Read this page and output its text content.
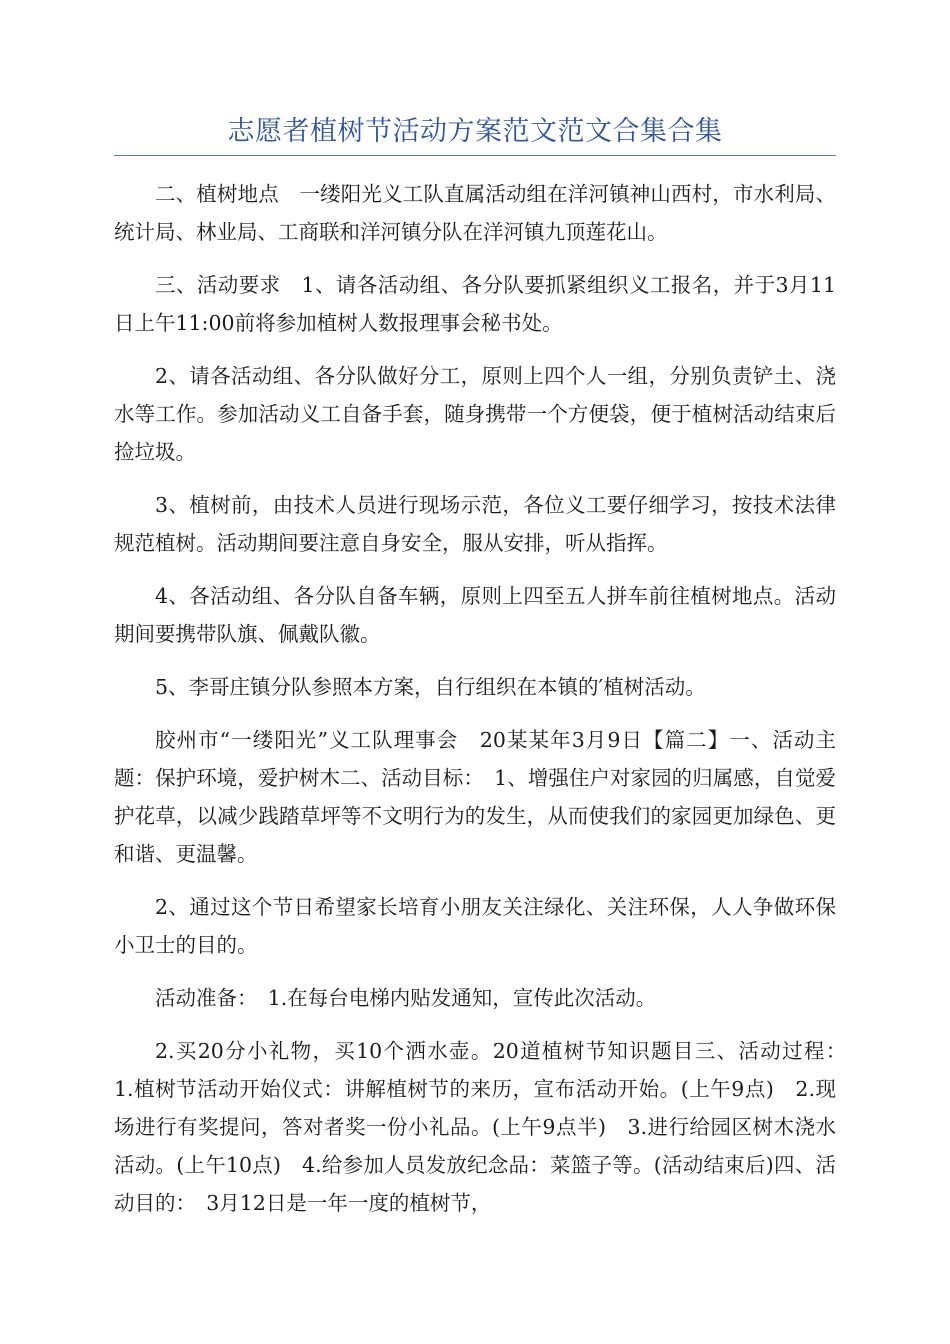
志愿者植树节活动方案范文范文合集合集

二、植树地点　一缕阳光义工队直属活动组在洋河镇神山西村，市水利局、统计局、林业局、工商联和洋河镇分队在洋河镇九顶莲花山。

三、活动要求　1、请各活动组、各分队要抓紧组织义工报名，并于3月11日上午11:00前将参加植树人数报理事会秘书处。

2、请各活动组、各分队做好分工，原则上四个人一组，分别负责铲土、浇水等工作。参加活动义工自备手套，随身携带一个方便袋，便于植树活动结束后捡垃圾。

3、植树前，由技术人员进行现场示范，各位义工要仔细学习，按技术法律规范植树。活动期间要注意自身安全，服从安排，听从指挥。

4、各活动组、各分队自备车辆，原则上四至五人拼车前往植树地点。活动期间要携带队旗、佩戴队徽。

5、李哥庄镇分队参照本方案，自行组织在本镇的′植树活动。

胶州市“一缕阳光”义工队理事会　20某某年3月9日【篇二】一、活动主题：保护环境，爱护树木二、活动目标：　1、增强住户对家园的归属感，自觉爱护花草，以减少践踏草坪等不文明行为的发生，从而使我们的家园更加绿色、更和谐、更温馨。

2、通过这个节日希望家长培育小朋友关注绿化、关注环保，人人争做环保小卫士的目的。

活动准备：　1.在每台电梯内贴发通知，宣传此次活动。

2.买20分小礼物，买10个洒水壶。20道植树节知识题目三、活动过程：　1.植树节活动开始仪式：讲解植树节的来历，宣布活动开始。(上午9点)　2.现场进行有奖提问，答对者奖一份小礼品。(上午9点半)　3.进行给园区树木浇水活动。(上午10点)　4.给参加人员发放纪念品：菜篮子等。(活动结束后)四、活动目的：　3月12日是一年一度的植树节，
